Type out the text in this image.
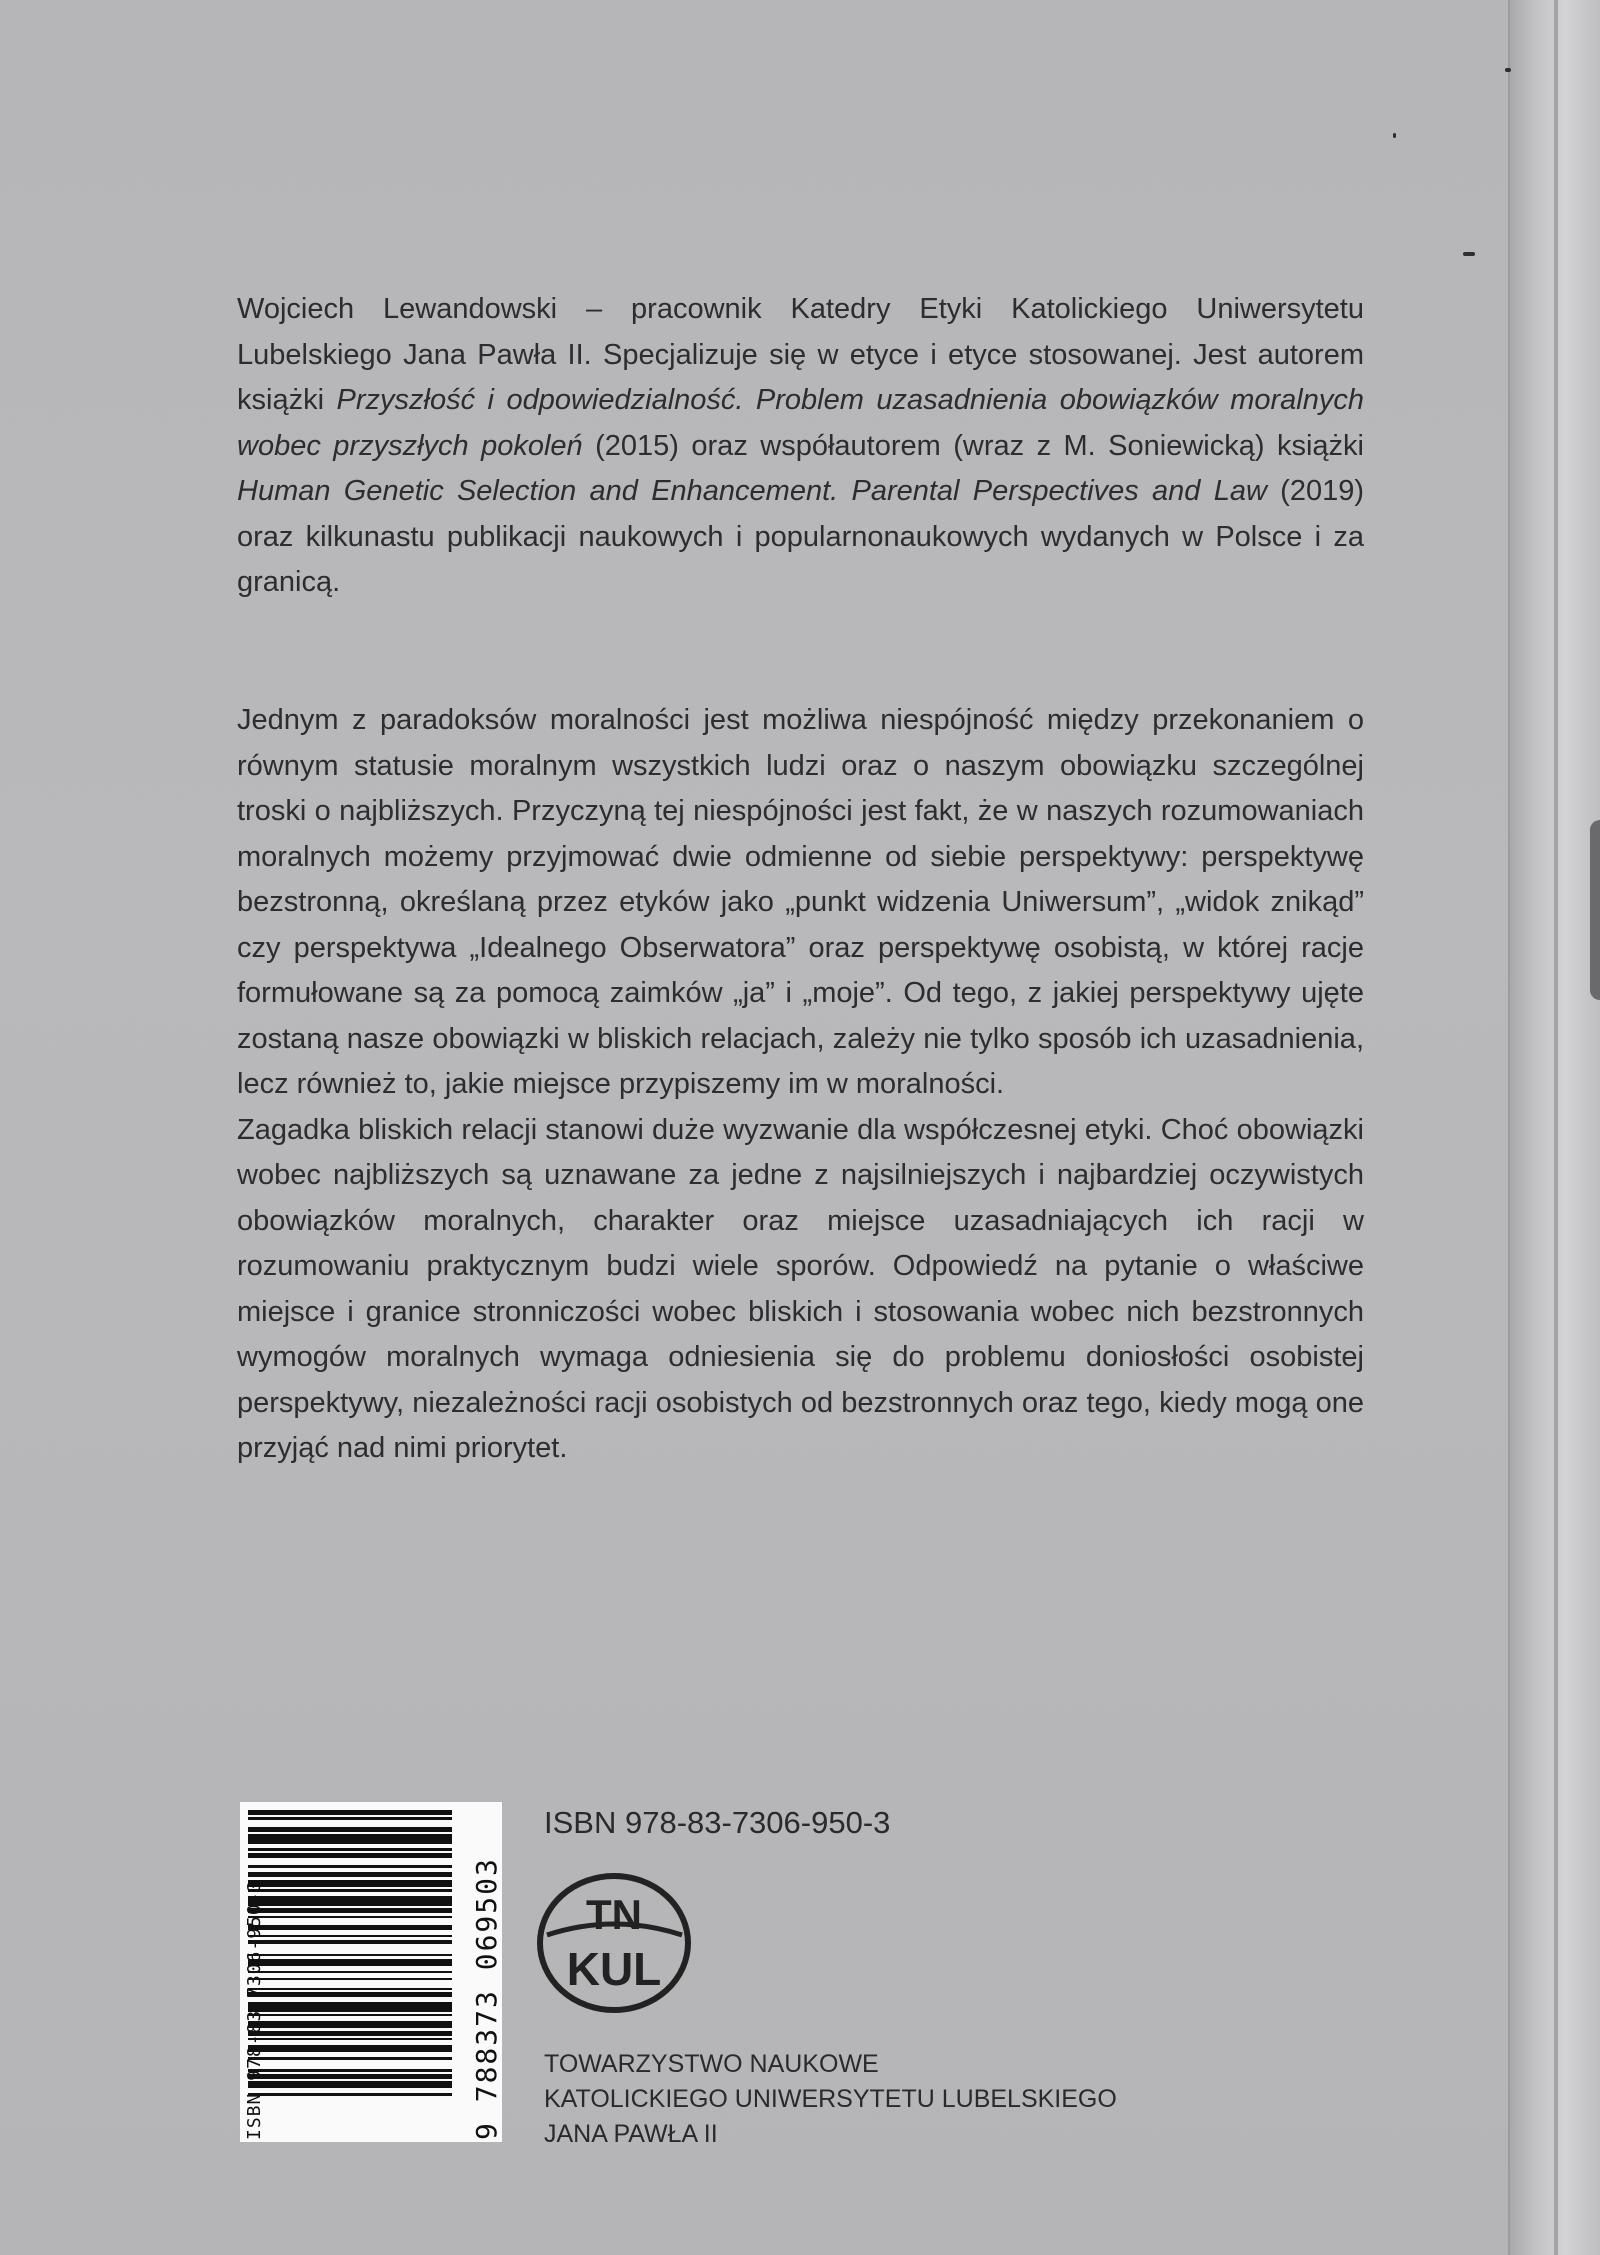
Wojciech Lewandowski – pracownik Katedry Etyki Katolickiego Uniwersytetu Lubelskiego Jana Pawła II. Specjalizuje się w etyce i etyce stosowanej. Jest autorem książki Przyszłość i odpowiedzialność. Problem uzasadnienia obowiązków moralnych wobec przyszłych pokoleń (2015) oraz współautorem (wraz z M. Soniewicką) książki Human Genetic Selection and Enhancement. Parental Perspectives and Law (2019) oraz kilkunastu publikacji naukowych i popularnonaukowych wydanych w Polsce i za granicą.

Jednym z paradoksów moralności jest możliwa niespójność między przekonaniem o równym statusie moralnym wszystkich ludzi oraz o naszym obowiązku szczególnej troski o najbliższych. Przyczyną tej niespójności jest fakt, że w naszych rozumowaniach moralnych możemy przyjmować dwie odmienne od siebie perspektywy: perspektywę bezstronną, określaną przez etyków jako „punkt widzenia Uniwersum”, „widok znikąd” czy perspektywa „Idealnego Obserwatora” oraz perspektywę osobistą, w której racje formułowane są za pomocą zaimków „ja” i „moje”. Od tego, z jakiej perspektywy ujęte zostaną nasze obowiązki w bliskich relacjach, zależy nie tylko sposób ich uzasadnienia, lecz również to, jakie miejsce przypiszemy im w moralności.

Zagadka bliskich relacji stanowi duże wyzwanie dla współczesnej etyki. Choć obowiązki wobec najbliższych są uznawane za jedne z najsilniejszych i najbardziej oczywistych obowiązków moralnych, charakter oraz miejsce uzasadniających ich racji w rozumowaniu praktycznym budzi wiele sporów. Odpowiedź na pytanie o właściwe miejsce i granice stronniczości wobec bliskich i stosowania wobec nich bezstronnych wymogów moralnych wymaga odniesienia się do problemu doniosłości osobistej perspektywy, niezależności racji osobistych od bezstronnych oraz tego, kiedy mogą one przyjąć nad nimi priorytet.

ISBN 978-83-7306-950-3	9 788373 069503
ISBN 978-83-7306-950-3
TN
KUL
TOWARZYSTWO NAUKOWE
KATOLICKIEGO UNIWERSYTETU LUBELSKIEGO
JANA PAWŁA II
